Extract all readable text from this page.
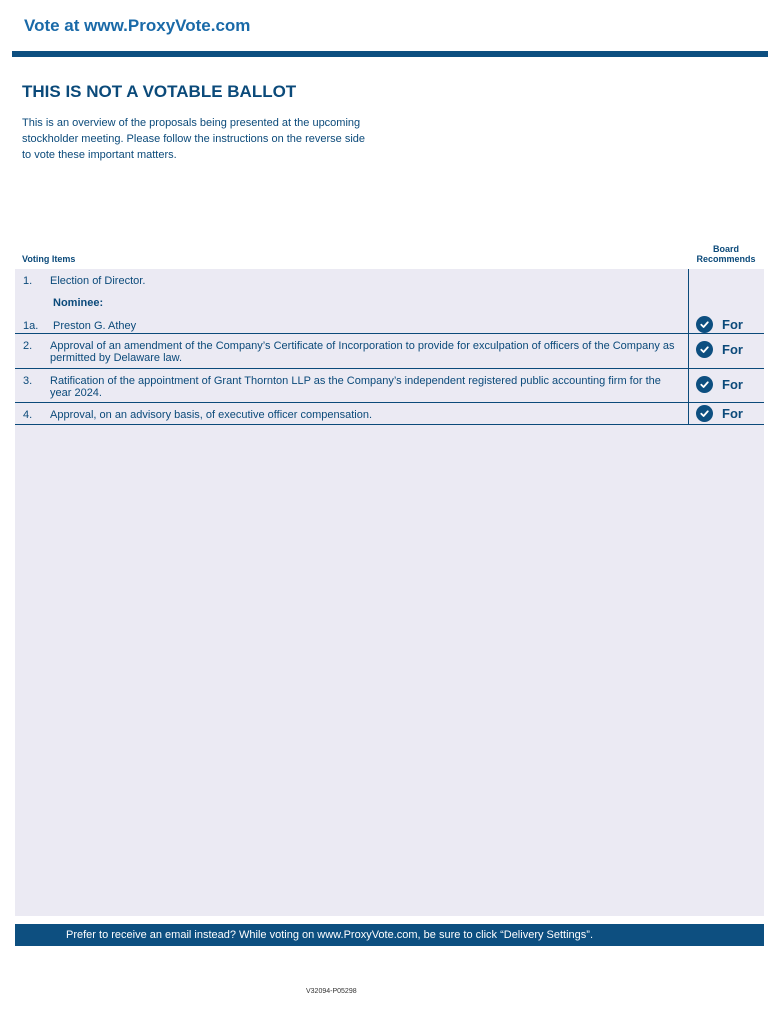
Vote at www.ProxyVote.com
THIS IS NOT A VOTABLE BALLOT
This is an overview of the proposals being presented at the upcoming stockholder meeting. Please follow the instructions on the reverse side to vote these important matters.
Voting Items
Board
Recommends
1. Election of Director.
Nominee:
1a. Preston G. Athey	For
2. Approval of an amendment of the Company’s Certificate of Incorporation to provide for exculpation of officers of the Company as permitted by Delaware law.
For
3. Ratification of the appointment of Grant Thornton LLP as the Company’s independent registered public accounting firm for the year 2024.
For
4. Approval, on an advisory basis, of executive officer compensation.	For
Prefer to receive an email instead? While voting on www.ProxyVote.com, be sure to click “Delivery Settings”.
V32094-P05298
